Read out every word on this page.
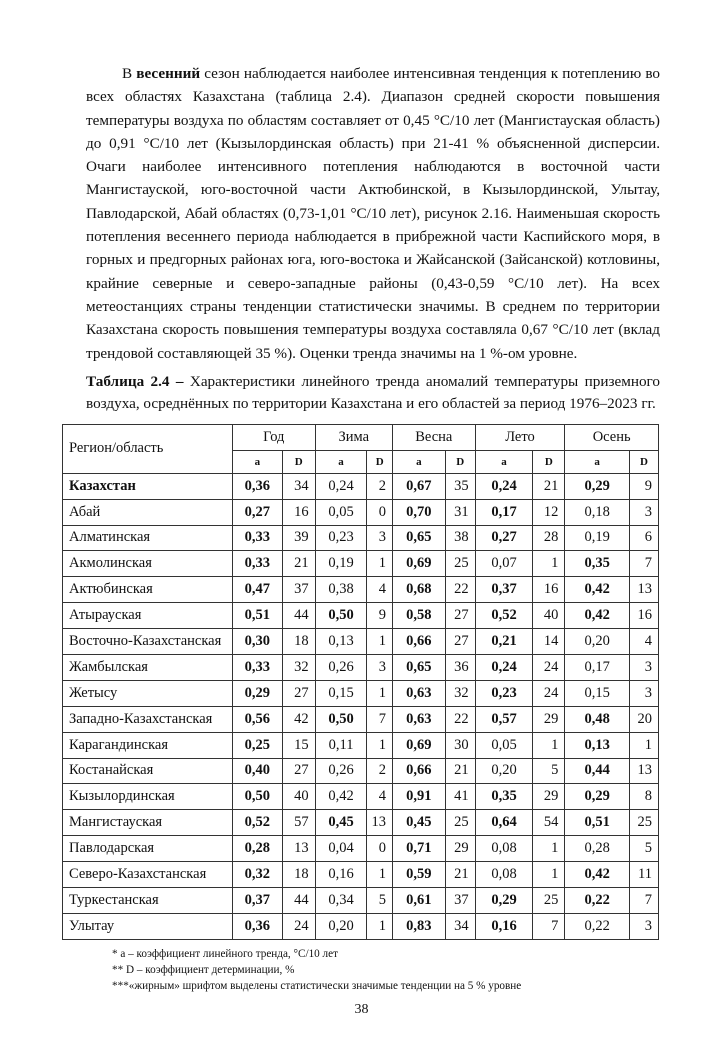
В весенний сезон наблюдается наиболее интенсивная тенденция к потеплению во всех областях Казахстана (таблица 2.4). Диапазон средней скорости повышения температуры воздуха по областям составляет от 0,45 °С/10 лет (Мангистауская область) до 0,91 °С/10 лет (Кызылординская область) при 21-41 % объясненной дисперсии. Очаги наиболее интенсивного потепления наблюдаются в восточной части Мангистауской, юго-восточной части Актюбинской, в Кызылординской, Улытау, Павлодарской, Абай областях (0,73-1,01 °С/10 лет), рисунок 2.16. Наименьшая скорость потепления весеннего периода наблюдается в прибрежной части Каспийского моря, в горных и предгорных районах юга, юго-востока и Жайсанской (Зайсанской) котловины, крайние северные и северо-западные районы (0,43-0,59 °С/10 лет). На всех метеостанциях страны тенденции статистически значимы. В среднем по территории Казахстана скорость повышения температуры воздуха составляла 0,67 °С/10 лет (вклад трендовой составляющей 35 %). Оценки тренда значимы на 1 %-ом уровне.

Таблица 2.4 – Характеристики линейного тренда аномалий температуры приземного воздуха, осреднённых по территории Казахстана и его областей за период 1976–2023 гг.

Регион/область	Год		Зима		Весна		Лето		Осень	
	a	D	a	D	a	D	a	D	a	D
Казахстан	0,36	34	0,24	2	0,67	35	0,24	21	0,29	9
Абай	0,27	16	0,05	0	0,70	31	0,17	12	0,18	3
Алматинская	0,33	39	0,23	3	0,65	38	0,27	28	0,19	6
Акмолинская	0,33	21	0,19	1	0,69	25	0,07	1	0,35	7
Актюбинская	0,47	37	0,38	4	0,68	22	0,37	16	0,42	13
Атырауская	0,51	44	0,50	9	0,58	27	0,52	40	0,42	16
Восточно-Казахстанская	0,30	18	0,13	1	0,66	27	0,21	14	0,20	4
Жамбылская	0,33	32	0,26	3	0,65	36	0,24	24	0,17	3
Жетысу	0,29	27	0,15	1	0,63	32	0,23	24	0,15	3
Западно-Казахстанская	0,56	42	0,50	7	0,63	22	0,57	29	0,48	20
Карагандинская	0,25	15	0,11	1	0,69	30	0,05	1	0,13	1
Костанайская	0,40	27	0,26	2	0,66	21	0,20	5	0,44	13
Кызылординская	0,50	40	0,42	4	0,91	41	0,35	29	0,29	8
Мангистауская	0,52	57	0,45	13	0,45	25	0,64	54	0,51	25
Павлодарская	0,28	13	0,04	0	0,71	29	0,08	1	0,28	5
Северо-Казахстанская	0,32	18	0,16	1	0,59	21	0,08	1	0,42	11
Туркестанская	0,37	44	0,34	5	0,61	37	0,29	25	0,22	7
Улытау	0,36	24	0,20	1	0,83	34	0,16	7	0,22	3
* a – коэффициент линейного тренда, °С/10 лет
** D – коэффициент детерминации, %
***«жирным» шрифтом выделены статистически значимые тенденции на 5 % уровне
38
